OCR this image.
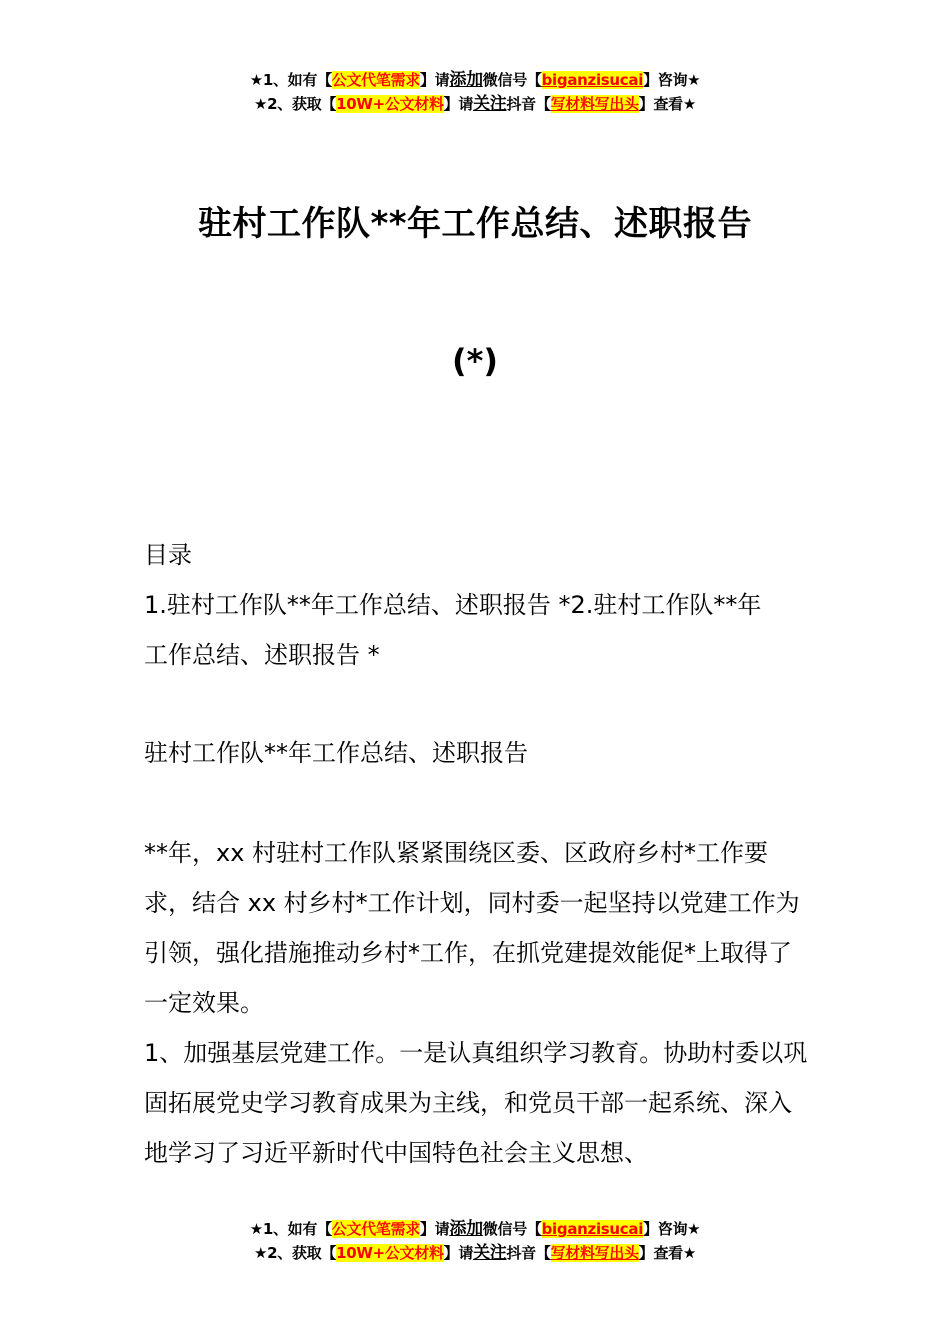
★1、如有【公文代笔需求】请添加微信号【biganzisucai】咨询★
★2、获取【10W+公文材料】请关注抖音【写材料写出头】查看★
驻村工作队**年工作总结、述职报告
(*)

目录

1.驻村工作队**年工作总结、述职报告 *2.驻村工作队**年

工作总结、述职报告 *

驻村工作队**年工作总结、述职报告

**年，xx 村驻村工作队紧紧围绕区委、区政府乡村*工作要求，结合 xx 村乡村*工作计划，同村委一起坚持以党建工作为引领，强化措施推动乡村*工作，在抓党建提效能促*上取得了一定效果。

1、加强基层党建工作。一是认真组织学习教育。协助村委以巩固拓展党史学习教育成果为主线，和党员干部一起系统、深入地学习了习近平新时代中国特色社会主义思想、

★1、如有【公文代笔需求】请添加微信号【biganzisucai】咨询★
★2、获取【10W+公文材料】请关注抖音【写材料写出头】查看★
